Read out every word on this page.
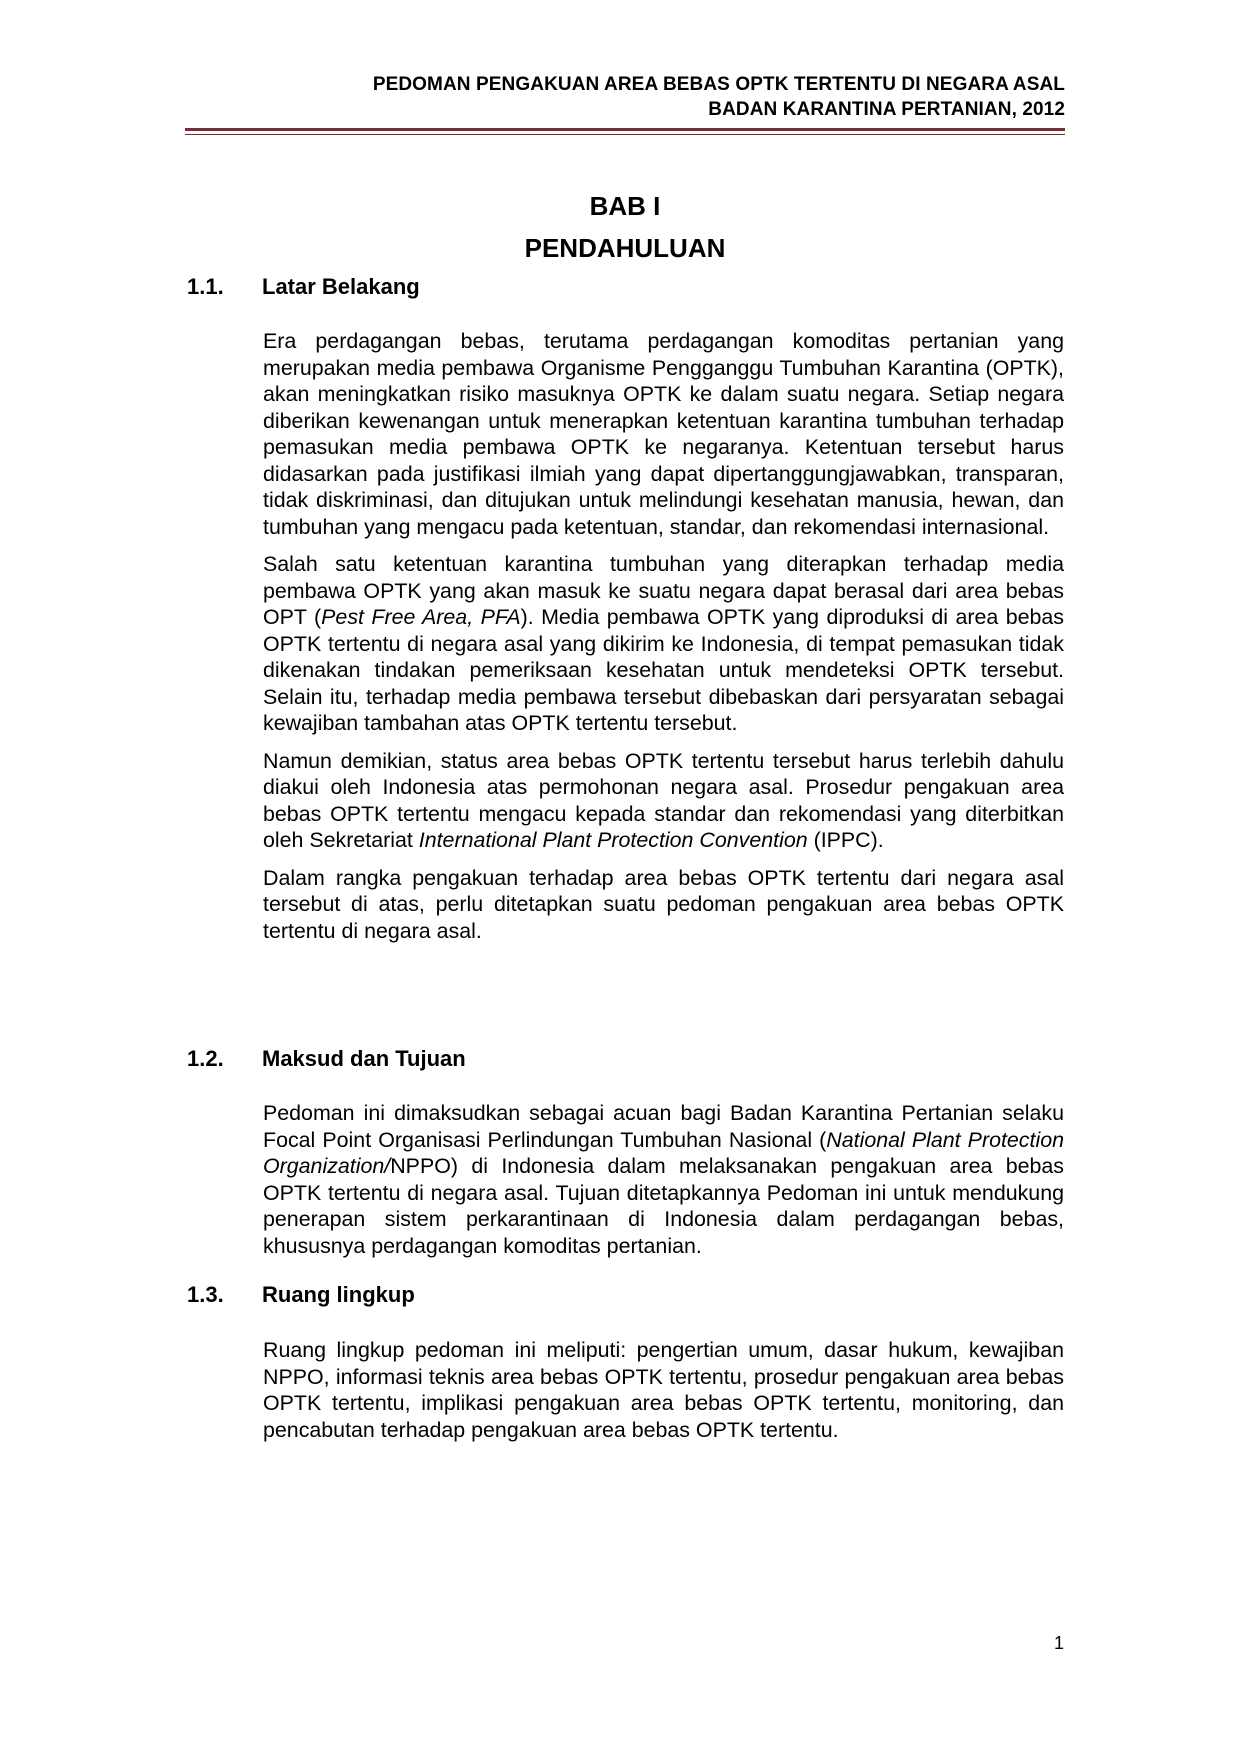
PEDOMAN PENGAKUAN AREA BEBAS OPTK TERTENTU DI NEGARA ASAL
BADAN KARANTINA PERTANIAN, 2012
BAB I
PENDAHULUAN
1.1. Latar Belakang

Era perdagangan bebas, terutama perdagangan komoditas pertanian yang merupakan media pembawa Organisme Pengganggu Tumbuhan Karantina (OPTK), akan meningkatkan risiko masuknya OPTK ke dalam suatu negara. Setiap negara diberikan kewenangan untuk menerapkan ketentuan karantina tumbuhan terhadap pemasukan media pembawa OPTK ke negaranya. Ketentuan tersebut harus didasarkan pada justifikasi ilmiah yang dapat dipertanggungjawabkan, transparan, tidak diskriminasi, dan ditujukan untuk melindungi kesehatan manusia, hewan, dan tumbuhan yang mengacu pada ketentuan, standar, dan rekomendasi internasional.

Salah satu ketentuan karantina tumbuhan yang diterapkan terhadap media pembawa OPTK yang akan masuk ke suatu negara dapat berasal dari area bebas OPT (Pest Free Area, PFA). Media pembawa OPTK yang diproduksi di area bebas OPTK tertentu di negara asal yang dikirim ke Indonesia, di tempat pemasukan tidak dikenakan tindakan pemeriksaan kesehatan untuk mendeteksi OPTK tersebut. Selain itu, terhadap media pembawa tersebut dibebaskan dari persyaratan sebagai kewajiban tambahan atas OPTK tertentu tersebut.

Namun demikian, status area bebas OPTK tertentu tersebut harus terlebih dahulu diakui oleh Indonesia atas permohonan negara asal. Prosedur pengakuan area bebas OPTK tertentu mengacu kepada standar dan rekomendasi yang diterbitkan oleh Sekretariat International Plant Protection Convention (IPPC).

Dalam rangka pengakuan terhadap area bebas OPTK tertentu dari negara asal tersebut di atas, perlu ditetapkan suatu pedoman pengakuan area bebas OPTK tertentu di negara asal.

1.2. Maksud dan Tujuan

Pedoman ini dimaksudkan sebagai acuan bagi Badan Karantina Pertanian selaku Focal Point Organisasi Perlindungan Tumbuhan Nasional (National Plant Protection Organization/NPPO) di Indonesia dalam melaksanakan pengakuan area bebas OPTK tertentu di negara asal. Tujuan ditetapkannya Pedoman ini untuk mendukung penerapan sistem perkarantinaan di Indonesia dalam perdagangan bebas, khususnya perdagangan komoditas pertanian.

1.3. Ruang lingkup

Ruang lingkup pedoman ini meliputi: pengertian umum, dasar hukum, kewajiban NPPO, informasi teknis area bebas OPTK tertentu, prosedur pengakuan area bebas OPTK tertentu, implikasi pengakuan area bebas OPTK tertentu, monitoring, dan pencabutan terhadap pengakuan area bebas OPTK tertentu.

1
